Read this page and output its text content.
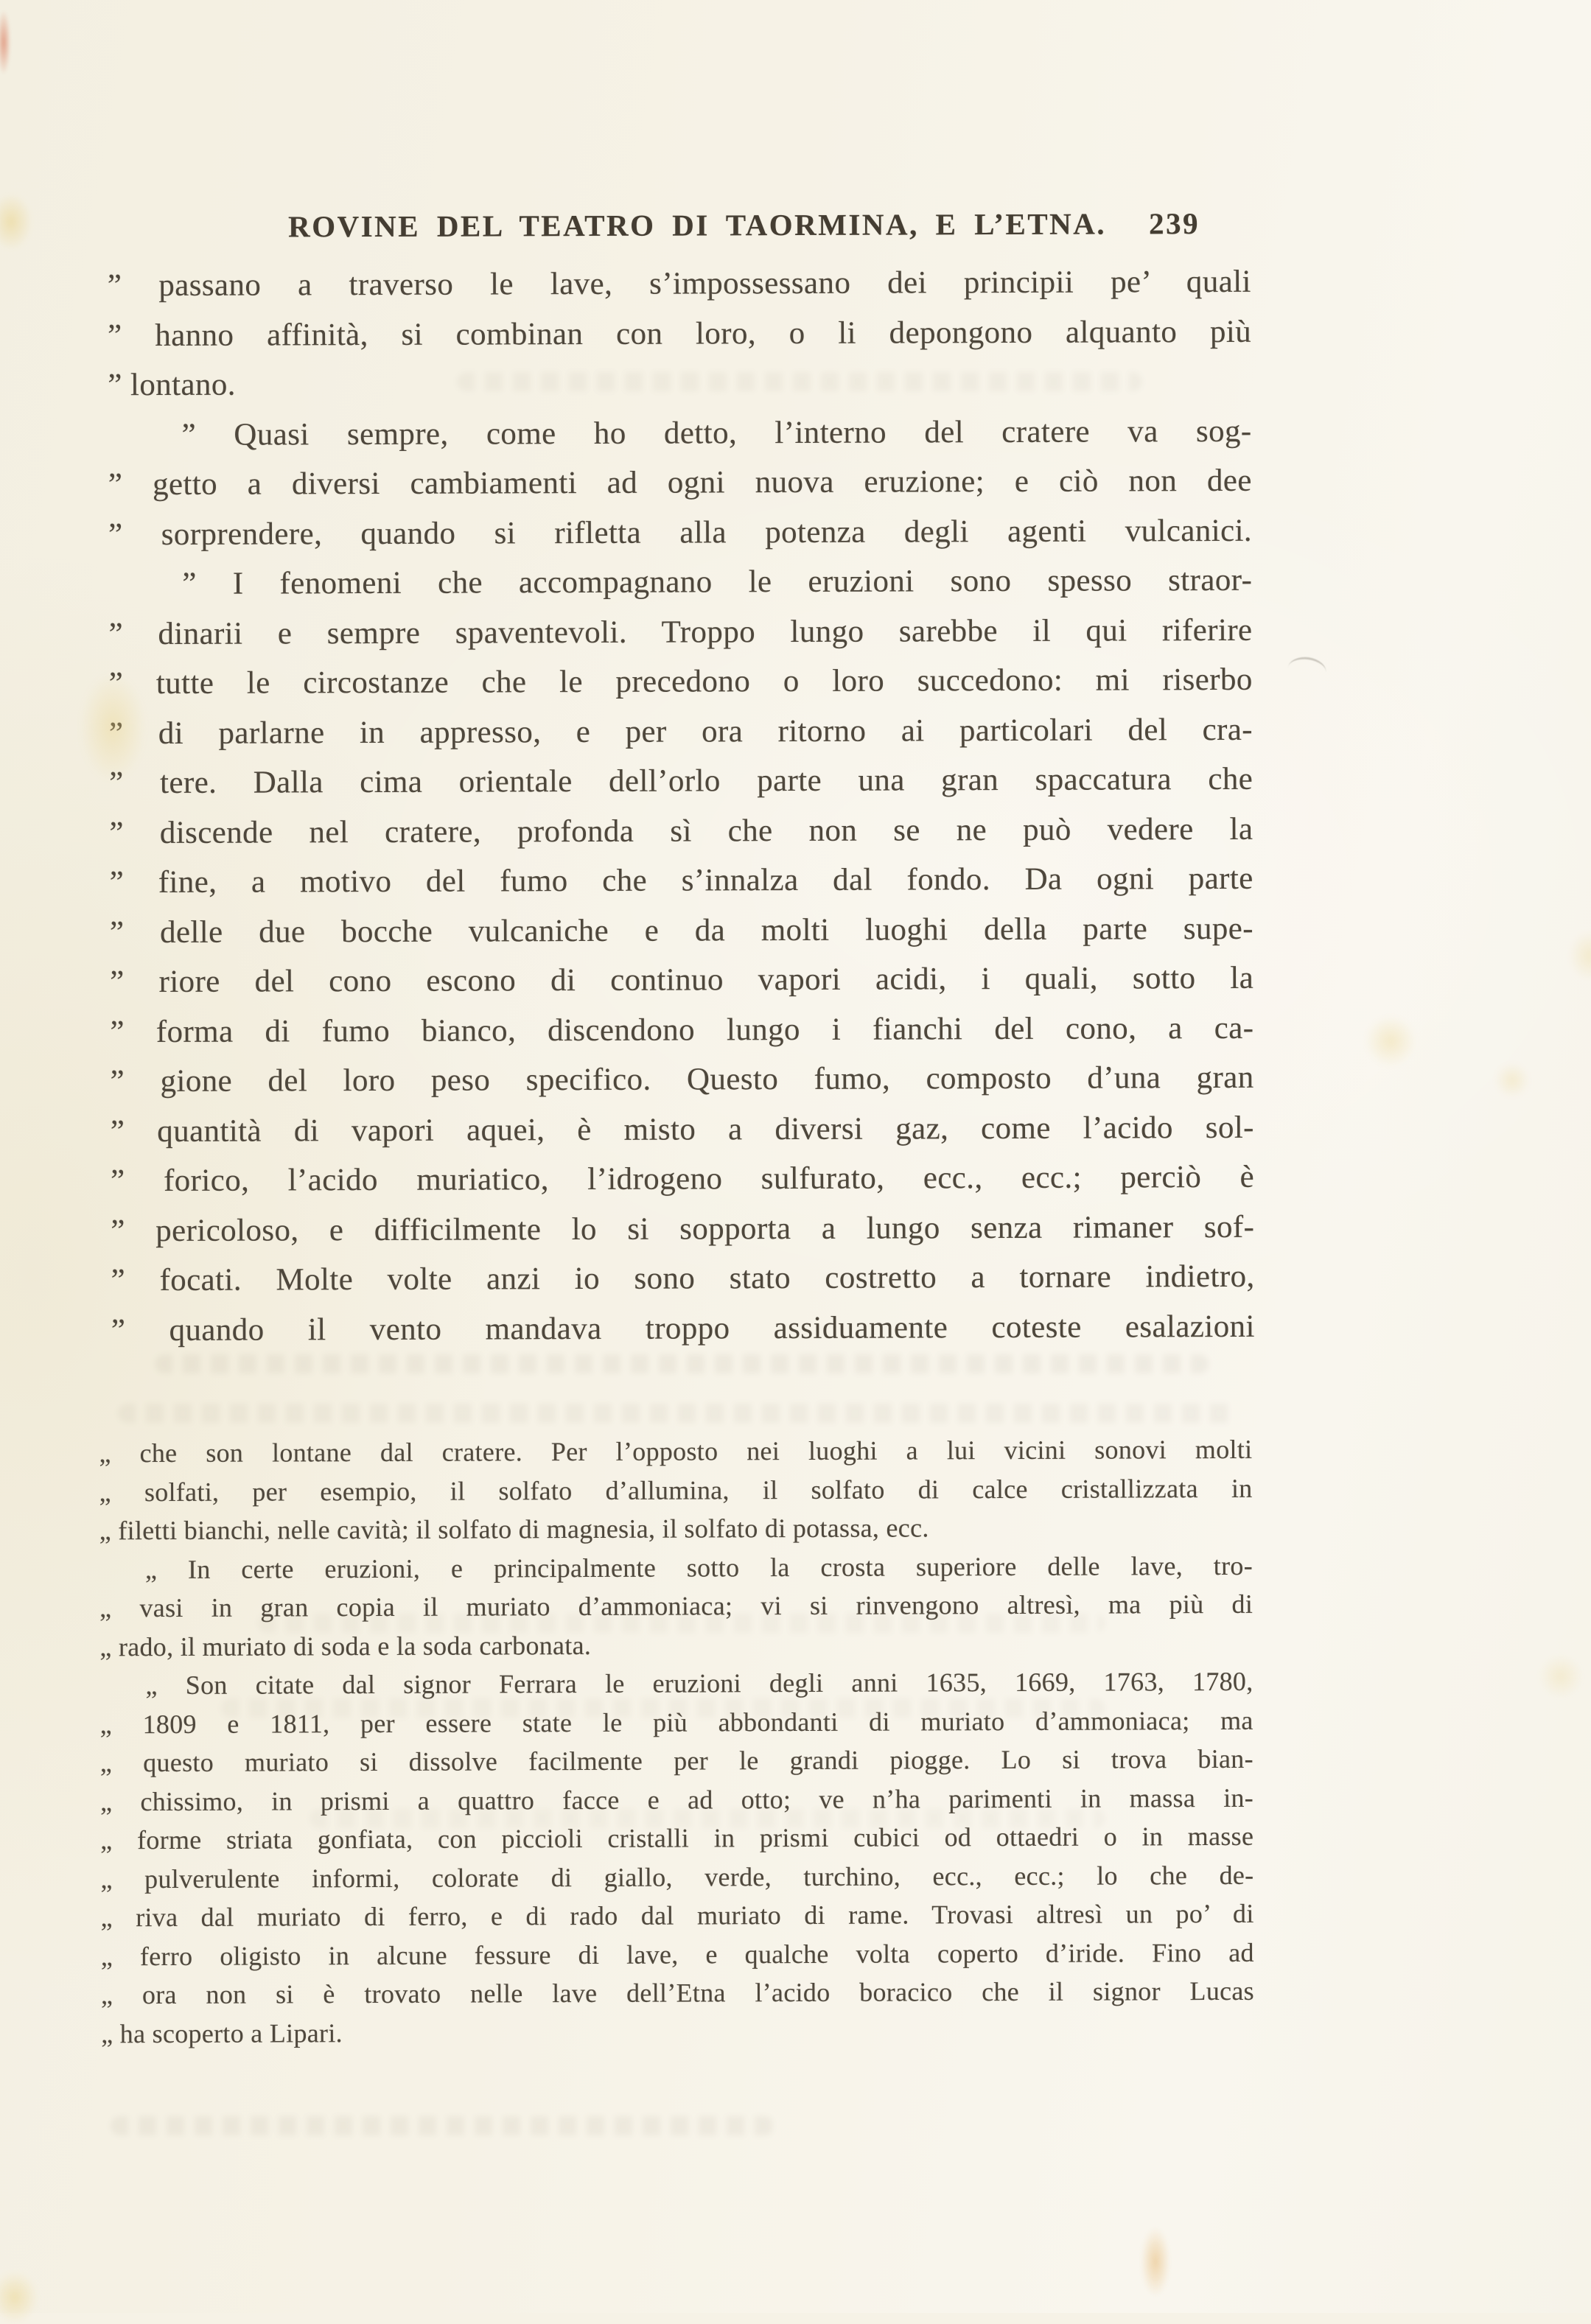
ROVINE DEL TEATRO DI TAORMINA, E L’ETNA. 239
” passano a traverso le lave, s’impossessano dei principii pe’ quali
” hanno affinità, si combinan con loro, o li depongono alquanto più
” lontano.
” Quasi sempre, come ho detto, l’interno del cratere va sog-
” getto a diversi cambiamenti ad ogni nuova eruzione; e ciò non dee
” sorprendere, quando si rifletta alla potenza degli agenti vulcanici.
” I fenomeni che accompagnano le eruzioni sono spesso straor-
” dinarii e sempre spaventevoli. Troppo lungo sarebbe il qui riferire
” tutte le circostanze che le precedono o loro succedono: mi riserbo
” di parlarne in appresso, e per ora ritorno ai particolari del cra-
” tere. Dalla cima orientale dell’orlo parte una gran spaccatura che
” discende nel cratere, profonda sì che non se ne può vedere la
” fine, a motivo del fumo che s’innalza dal fondo. Da ogni parte
” delle due bocche vulcaniche e da molti luoghi della parte supe-
” riore del cono escono di continuo vapori acidi, i quali, sotto la
” forma di fumo bianco, discendono lungo i fianchi del cono, a ca-
” gione del loro peso specifico. Questo fumo, composto d’una gran
” quantità di vapori aquei, è misto a diversi gaz, come l’acido sol-
” forico, l’acido muriatico, l’idrogeno sulfurato, ecc., ecc.; perciò è
” pericoloso, e difficilmente lo si sopporta a lungo senza rimaner sof-
” focati. Molte volte anzi io sono stato costretto a tornare indietro,
” quando il vento mandava troppo assiduamente coteste esalazioni
„ che son lontane dal cratere. Per l’opposto nei luoghi a lui vicini sonovi molti
„ solfati, per esempio, il solfato d’allumina, il solfato di calce cristallizzata in
„ filetti bianchi, nelle cavità; il solfato di magnesia, il solfato di potassa, ecc.
„ In certe eruzioni, e principalmente sotto la crosta superiore delle lave, tro-
„ vasi in gran copia il muriato d’ammoniaca; vi si rinvengono altresì, ma più di
„ rado, il muriato di soda e la soda carbonata.
„ Son citate dal signor Ferrara le eruzioni degli anni 1635, 1669, 1763, 1780,
„ 1809 e 1811, per essere state le più abbondanti di muriato d’ammoniaca; ma
„ questo muriato si dissolve facilmente per le grandi piogge. Lo si trova bian-
„ chissimo, in prismi a quattro facce e ad otto; ve n’ha parimenti in massa in-
„ forme striata gonfiata, con piccioli cristalli in prismi cubici od ottaedri o in masse
„ pulverulente informi, colorate di giallo, verde, turchino, ecc., ecc.; lo che de-
„ riva dal muriato di ferro, e di rado dal muriato di rame. Trovasi altresì un po’ di
„ ferro oligisto in alcune fessure di lave, e qualche volta coperto d’iride. Fino ad
„ ora non si è trovato nelle lave dell’Etna l’acido boracico che il signor Lucas
„ ha scoperto a Lipari.
